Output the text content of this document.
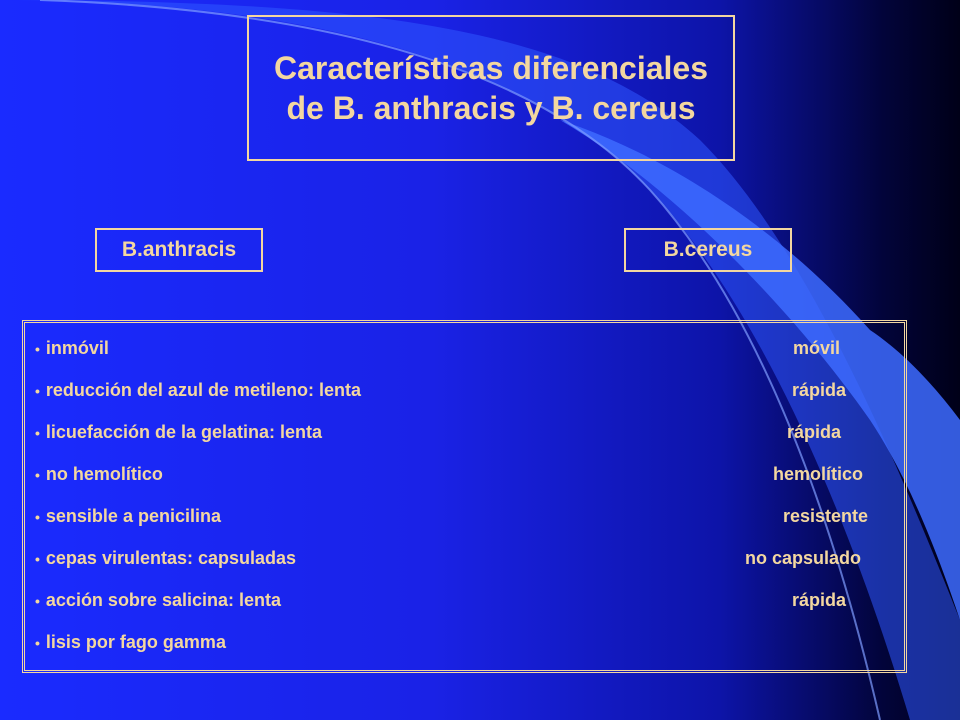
Características diferenciales de B. anthracis y B. cereus
B.anthracis	B.cereus
• inmóvil	móvil
• reducción del azul de metileno: lenta	rápida
• licuefacción de la gelatina: lenta	rápida
• no hemolítico	hemolítico
• sensible a penicilina	resistente
• cepas virulentas: capsuladas	no capsulado
• acción sobre salicina: lenta	rápida
• lisis por fago gamma
